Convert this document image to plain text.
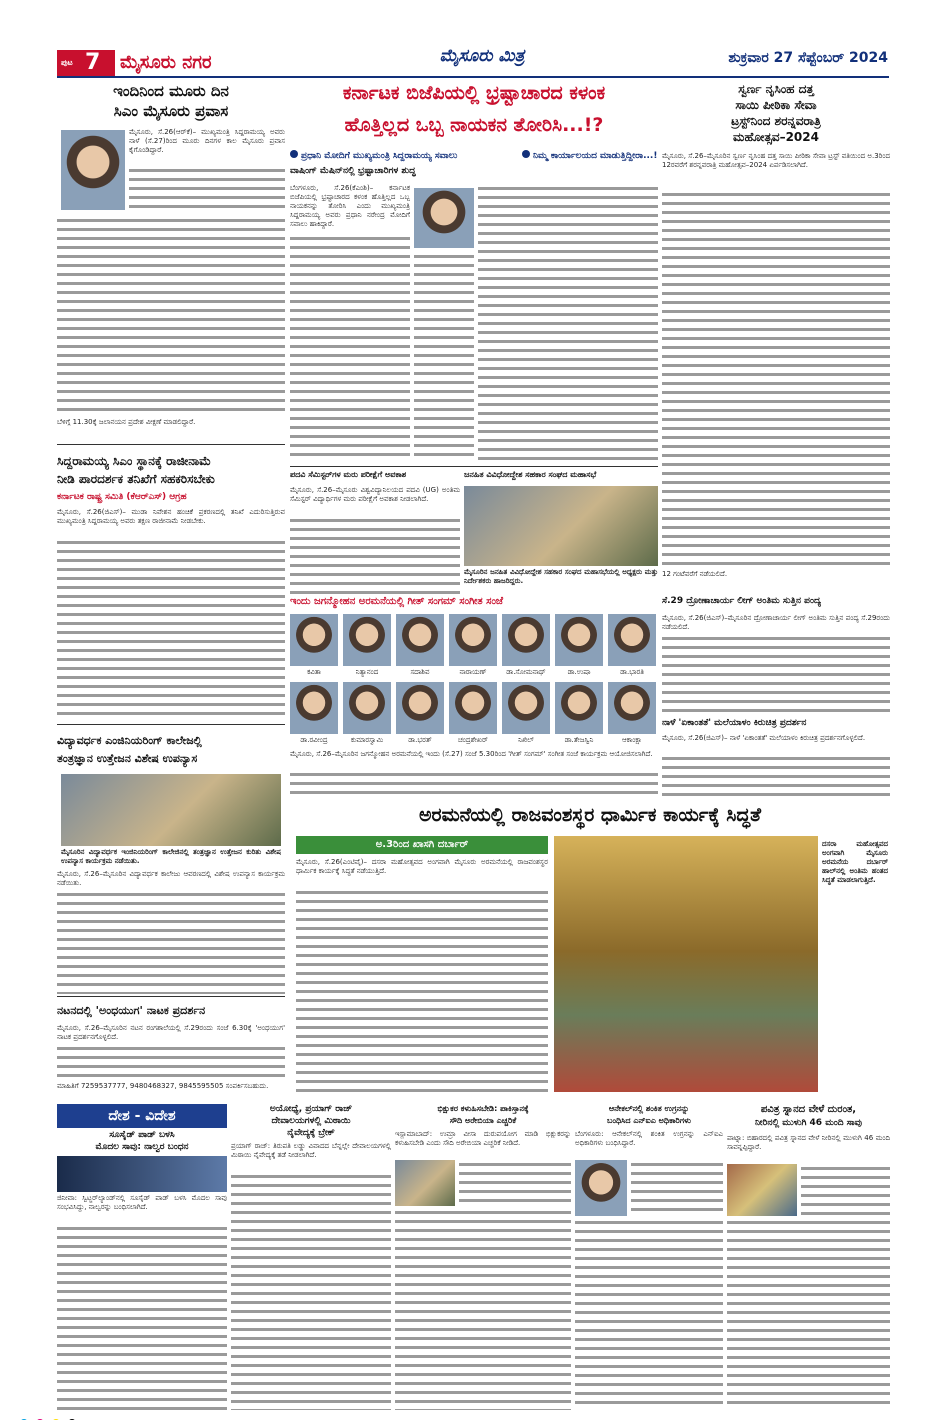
ಪುಟ 7 ಮೈಸೂರು ನಗರ	ಮೈಸೂರು ಮಿತ್ರ	ಶುಕ್ರವಾರ 27 ಸೆಪ್ಟೆಂಬರ್ 2024
ಇಂದಿನಿಂದ ಮೂರು ದಿನ
ಸಿಎಂ ಮೈಸೂರು ಪ್ರವಾಸ
ಮೈಸೂರು, ಸೆ.26(ಆರ್‌ಕೆ)– ಮುಖ್ಯಮಂತ್ರಿ ಸಿದ್ದರಾಮಯ್ಯ ಅವರು ನಾಳೆ (ಸೆ.27)ರಿಂದ ಮೂರು ದಿನಗಳ ಕಾಲ ಮೈಸೂರು ಪ್ರವಾಸ ಕೈಗೊಂಡಿದ್ದಾರೆ.
ಬೆಳಿಗ್ಗೆ 11.30ಕ್ಕೆ ಜಲಾನಯನ ಪ್ರದೇಶ ವೀಕ್ಷಣೆ ಮಾಡಲಿದ್ದಾರೆ.
ಸಿದ್ದರಾಮಯ್ಯ ಸಿಎಂ ಸ್ಥಾನಕ್ಕೆ ರಾಜೀನಾಮೆ
ನೀಡಿ ಪಾರದರ್ಶಕ ತನಿಖೆಗೆ ಸಹಕರಿಸಬೇಕು
ಕರ್ನಾಟಕ ರಾಷ್ಟ್ರ ಸಮಿತಿ (ಕೆಆರ್‌ಎಸ್) ಆಗ್ರಹ
ಮೈಸೂರು, ಸೆ.26(ಜಿಎಸ್)– ಮುಡಾ ನಿವೇಶನ ಹಂಚಿಕೆ ಪ್ರಕರಣದಲ್ಲಿ ತನಿಖೆ ಎದುರಿಸುತ್ತಿರುವ ಮುಖ್ಯಮಂತ್ರಿ ಸಿದ್ದರಾಮಯ್ಯ ಅವರು ತಕ್ಷಣ ರಾಜೀನಾಮೆ ನೀಡಬೇಕು.
ವಿದ್ಯಾವರ್ಧಕ ಎಂಜಿನಿಯರಿಂಗ್ ಕಾಲೇಜಲ್ಲಿ
ತಂತ್ರಜ್ಞಾನ ಉತ್ತೇಜನ ವಿಶೇಷ ಉಪನ್ಯಾಸ
ಮೈಸೂರಿನ ವಿದ್ಯಾವರ್ಧಕ ಇಂಜಿನಿಯರಿಂಗ್ ಕಾಲೇಜಿನಲ್ಲಿ ತಂತ್ರಜ್ಞಾನ ಉತ್ತೇಜನ ಕುರಿತು ವಿಶೇಷ ಉಪನ್ಯಾಸ ಕಾರ್ಯಕ್ರಮ ನಡೆಯಿತು.
ಮೈಸೂರು, ಸೆ.26–ಮೈಸೂರಿನ ವಿದ್ಯಾವರ್ಧಕ ಕಾಲೇಜು ಆವರಣದಲ್ಲಿ ವಿಶೇಷ ಉಪನ್ಯಾಸ ಕಾರ್ಯಕ್ರಮ ನಡೆಯಿತು.
ನಟನದಲ್ಲಿ 'ಅಂಧಯುಗ' ನಾಟಕ ಪ್ರದರ್ಶನ
ಮೈಸೂರು, ಸೆ.26–ಮೈಸೂರಿನ ನಟನ ರಂಗಶಾಲೆಯಲ್ಲಿ ಸೆ.29ರಂದು ಸಂಜೆ 6.30ಕ್ಕೆ 'ಅಂಧಯುಗ' ನಾಟಕ ಪ್ರದರ್ಶನಗೊಳ್ಳಲಿದೆ.
ಮಾಹಿತಿಗೆ 7259537777, 9480468327, 9845595505 ಸಂಪರ್ಕಿಸಬಹುದು.
ಕರ್ನಾಟಕ ಬಿಜೆಪಿಯಲ್ಲಿ ಭ್ರಷ್ಟಾಚಾರದ ಕಳಂಕ
ಹೊತ್ತಿಲ್ಲದ ಒಬ್ಬ ನಾಯಕನ ತೋರಿಸಿ...!?
ಪ್ರಧಾನಿ ಮೋದಿಗೆ ಮುಖ್ಯಮಂತ್ರಿ ಸಿದ್ದರಾಮಯ್ಯ ಸವಾಲು
ವಾಷಿಂಗ್ ಮೆಷಿನ್‌ನಲ್ಲಿ ಭ್ರಷ್ಟಾಚಾರಿಗಳ ಶುದ್ಧ
ನಿಮ್ಮ ಕಾರ್ಯಾಲಯದ ಮಾಡುತ್ತಿದ್ದೀರಾ...!
ಬೆಂಗಳೂರು, ಸೆ.26(ಕೆಎಂಶಿ)– ಕರ್ನಾಟಕ ಬಿಜೆಪಿಯಲ್ಲಿ ಭ್ರಷ್ಟಾಚಾರದ ಕಳಂಕ ಹೊತ್ತಿಲ್ಲದ ಒಬ್ಬ ನಾಯಕನನ್ನು ತೋರಿಸಿ ಎಂದು ಮುಖ್ಯಮಂತ್ರಿ ಸಿದ್ದರಾಮಯ್ಯ ಅವರು ಪ್ರಧಾನಿ ನರೇಂದ್ರ ಮೋದಿಗೆ ಸವಾಲು ಹಾಕಿದ್ದಾರೆ.
ಸ್ವರ್ಣ ನೃಸಿಂಹ ದತ್ತ
ಸಾಯಿ ಪೀಠಿಕಾ ಸೇವಾ
ಟ್ರಸ್ಟ್‌ನಿಂದ ಶರನ್ನವರಾತ್ರಿ
ಮಹೋತ್ಸವ–2024
ಮೈಸೂರು, ಸೆ.26–ಮೈಸೂರಿನ ಸ್ವರ್ಣ ನೃಸಿಂಹ ದತ್ತ ಸಾಯಿ ಪೀಠಿಕಾ ಸೇವಾ ಟ್ರಸ್ಟ್ ವತಿಯಿಂದ ಅ.3ರಿಂದ 12ರವರೆಗೆ ಶರನ್ನವರಾತ್ರಿ ಮಹೋತ್ಸವ–2024 ಏರ್ಪಡಿಸಲಾಗಿದೆ.
12 ಗಂಟೆವರೆಗೆ ನಡೆಯಲಿದೆ.
ಪದವಿ ಸೆಮಿಸ್ಟರ್‌ಗಳ ಮರು ಪರೀಕ್ಷೆಗೆ ಅವಕಾಶ
ಮೈಸೂರು, ಸೆ.26–ಮೈಸೂರು ವಿಶ್ವವಿದ್ಯಾನಿಲಯದ ಪದವಿ (UG) ಅಂತಿಮ ಸೆಮಿಸ್ಟರ್ ವಿದ್ಯಾರ್ಥಿಗಳ ಮರು ಪರೀಕ್ಷೆಗೆ ಅವಕಾಶ ನೀಡಲಾಗಿದೆ.
ಜನಹಿತ ವಿವಿಧೋದ್ದೇಶ ಸಹಕಾರ ಸಂಘದ ಮಹಾಸಭೆ
ಮೈಸೂರಿನ ಜನಹಿತ ವಿವಿಧೋದ್ದೇಶ ಸಹಕಾರ ಸಂಘದ ಮಹಾಸಭೆಯಲ್ಲಿ ಅಧ್ಯಕ್ಷರು ಮತ್ತು ನಿರ್ದೇಶಕರು ಹಾಜರಿದ್ದರು.
ಇಂದು ಜಗನ್ಮೋಹನ ಅರಮನೆಯಲ್ಲಿ ಗೀತ್ ಸಂಗಮ್ ಸಂಗೀತ ಸಂಜೆ
ಕವಿತಾ	ನಿತ್ಯಾನಂದ	ಸದಾಶಿವ	ನಾರಾಯಣ್	ಡಾ.ಸೋಮನಾಥ್	ಡಾ.ಉಷಾ	ಡಾ.ಭಾರತಿ
ಡಾ.ರವೀಂದ್ರ	ಕುಮಾರಸ್ವಾಮಿ	ಡಾ.ಭರತ್	ಚಂದ್ರಶೇಖರ್	ನಿಖಿಲ್	ಡಾ.ತೇಜಸ್ವಿನಿ	ಆಕಾಂಕ್ಷಾ
ಮೈಸೂರು, ಸೆ.26–ಮೈಸೂರಿನ ಜಗನ್ಮೋಹನ ಅರಮನೆಯಲ್ಲಿ ಇಂದು (ಸೆ.27) ಸಂಜೆ 5.30ರಿಂದ 'ಗೀತ್ ಸಂಗಮ್' ಸಂಗೀತ ಸಂಜೆ ಕಾರ್ಯಕ್ರಮ ಆಯೋಜಿಸಲಾಗಿದೆ.
ಸೆ.29 ದ್ರೋಣಾಚಾರ್ಯ ಲೀಗ್ ಅಂತಿಮ ಸುತ್ತಿನ ಪಂದ್ಯ
ಮೈಸೂರು, ಸೆ.26(ಜಿಎಸ್)–ಮೈಸೂರಿನ ದ್ರೋಣಾಚಾರ್ಯ ಲೀಗ್ ಅಂತಿಮ ಸುತ್ತಿನ ಪಂದ್ಯ ಸೆ.29ರಂದು ನಡೆಯಲಿದೆ.
ನಾಳೆ 'ಏಕಾಂತತೆ' ಮಲೆಯಾಳಂ ಕಿರುಚಿತ್ರ ಪ್ರದರ್ಶನ
ಮೈಸೂರು, ಸೆ.26(ಜಿಎಸ್)– ನಾಳೆ 'ಏಕಾಂತತೆ' ಮಲೆಯಾಳಂ ಕಿರುಚಿತ್ರ ಪ್ರದರ್ಶನಗೊಳ್ಳಲಿದೆ.
ಅರಮನೆಯಲ್ಲಿ ರಾಜವಂಶಸ್ಥರ ಧಾರ್ಮಿಕ ಕಾರ್ಯಕ್ಕೆ ಸಿದ್ಧತೆ
ಅ.3ರಿಂದ ಖಾಸಗಿ ದರ್ಬಾರ್
ಮೈಸೂರು, ಸೆ.26(ಎಂಟಿವೈ)– ದಸರಾ ಮಹೋತ್ಸವದ ಅಂಗವಾಗಿ ಮೈಸೂರು ಅರಮನೆಯಲ್ಲಿ ರಾಜವಂಶಸ್ಥರ ಧಾರ್ಮಿಕ ಕಾರ್ಯಕ್ಕೆ ಸಿದ್ಧತೆ ನಡೆಯುತ್ತಿದೆ.
ದಸರಾ ಮಹೋತ್ಸವದ ಅಂಗವಾಗಿ ಮೈಸೂರು ಅರಮನೆಯ ದರ್ಬಾರ್ ಹಾಲ್‌ನಲ್ಲಿ ಅಂತಿಮ ಹಂತದ ಸಿದ್ಧತೆ ಮಾಡಲಾಗುತ್ತಿದೆ.
ದೇಶ - ವಿದೇಶ
ಸೂಸೈಡ್ ಪಾಡ್ ಬಳಸಿ
ಮೊದಲ ಸಾವು: ನಾಲ್ವರ ಬಂಧನ
ಜಿನೀವಾ: ಸ್ವಿಟ್ಜರ್‌ಲ್ಯಾಂಡ್‌ನಲ್ಲಿ ಸೂಸೈಡ್ ಪಾಡ್ ಬಳಸಿ ಮೊದಲ ಸಾವು ಸಂಭವಿಸಿದ್ದು, ನಾಲ್ವರನ್ನು ಬಂಧಿಸಲಾಗಿದೆ.
ಅಯೋಧ್ಯೆ, ಪ್ರಯಾಗ್ ರಾಜ್
ದೇವಾಲಯಗಳಲ್ಲಿ ಮಿಠಾಯಿ
ನೈವೇದ್ಯಕ್ಕೆ ಬ್ರೇಕ್
ಪ್ರಯಾಗ್ ರಾಜ್: ತಿರುಪತಿ ಲಡ್ಡು ವಿವಾದದ ಬೆನ್ನಲ್ಲೇ ದೇವಾಲಯಗಳಲ್ಲಿ ಮಿಠಾಯಿ ನೈವೇದ್ಯಕ್ಕೆ ತಡೆ ನೀಡಲಾಗಿದೆ.
ಭಿಕ್ಷುಕರ ಕಳುಹಿಸಬೇಡಿ: ಪಾಕಿಸ್ತಾನಕ್ಕೆ
ಸೌದಿ ಅರೇಬಿಯಾ ಎಚ್ಚರಿಕೆ
ಇಸ್ಲಾಮಾಬಾದ್: ಉಮ್ರಾ ವೀಸಾ ದುರುಪಯೋಗ ಮಾಡಿ ಭಿಕ್ಷುಕರನ್ನು ಕಳುಹಿಸಬೇಡಿ ಎಂದು ಸೌದಿ ಅರೇಬಿಯಾ ಎಚ್ಚರಿಕೆ ನೀಡಿದೆ.
ಆನೇಕಲ್‌ನಲ್ಲಿ ಶಂಕಿತ ಉಗ್ರನನ್ನು
ಬಂಧಿಸಿದ ಎನ್‌ಐಎ ಅಧಿಕಾರಿಗಳು
ಬೆಂಗಳೂರು: ಆನೇಕಲ್‌ನಲ್ಲಿ ಶಂಕಿತ ಉಗ್ರನನ್ನು ಎನ್‌ಐಎ ಅಧಿಕಾರಿಗಳು ಬಂಧಿಸಿದ್ದಾರೆ.
ಪವಿತ್ರ ಸ್ನಾನದ ವೇಳೆ ದುರಂತ,
ನೀರಿನಲ್ಲಿ ಮುಳುಗಿ 46 ಮಂದಿ ಸಾವು
ಪಾಟ್ನಾ: ಬಿಹಾರದಲ್ಲಿ ಪವಿತ್ರ ಸ್ನಾನದ ವೇಳೆ ನೀರಿನಲ್ಲಿ ಮುಳುಗಿ 46 ಮಂದಿ ಸಾವನ್ನಪ್ಪಿದ್ದಾರೆ.
